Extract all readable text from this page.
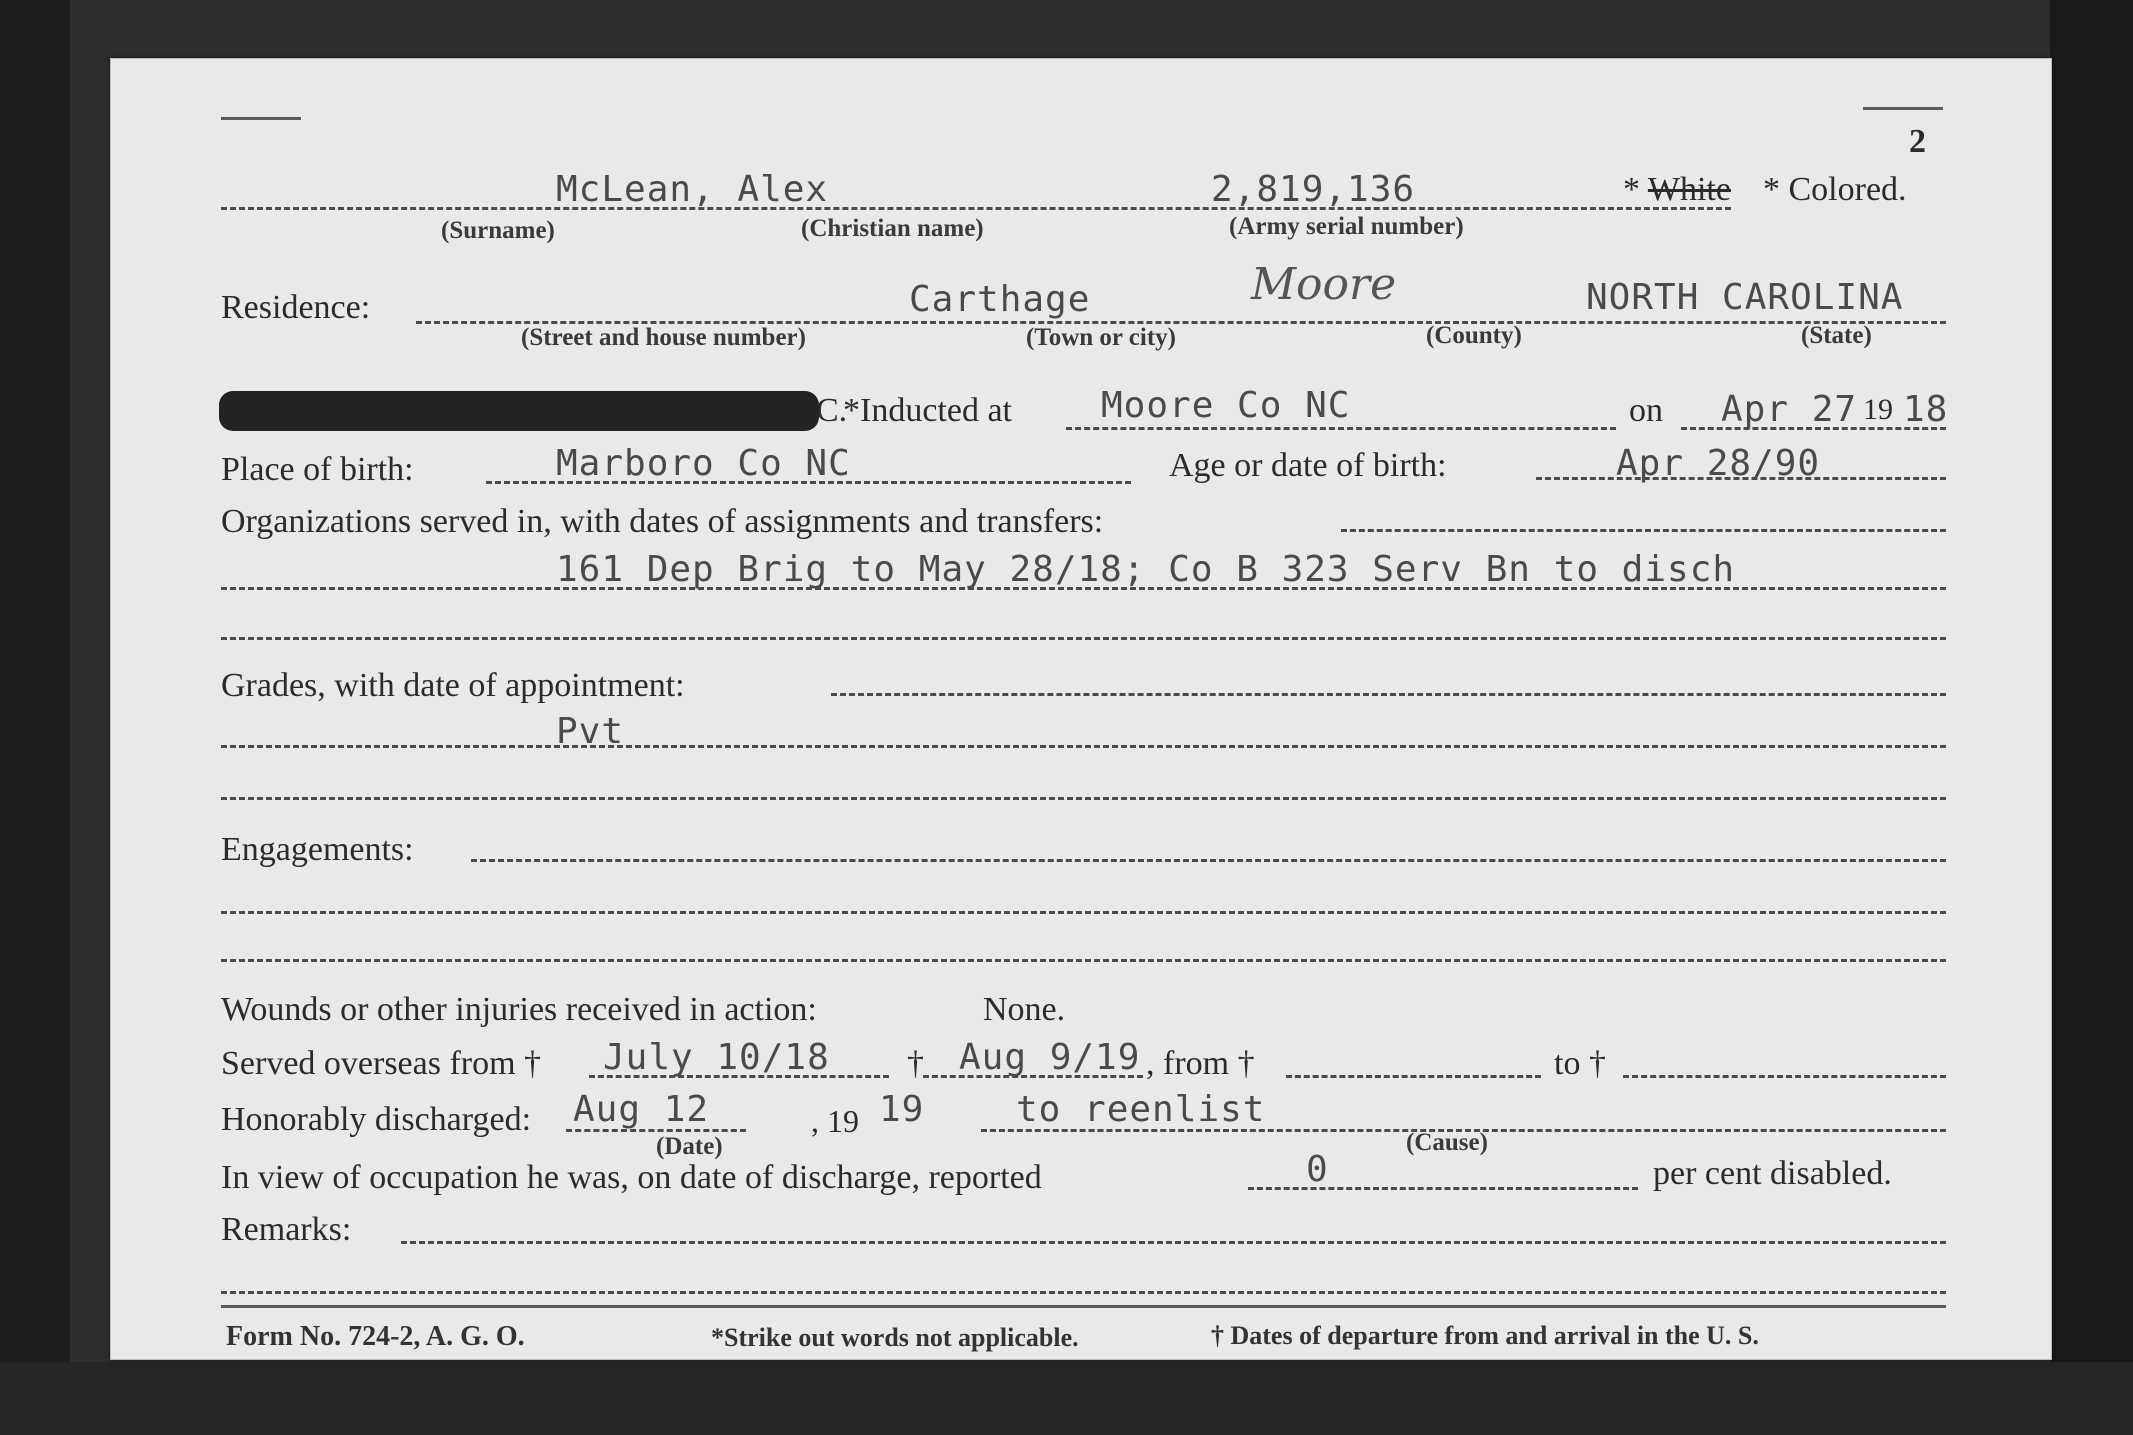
2
McLean, Alex	2,819,136	* White * Colored.
(Surname)	(Christian name)	(Army serial number)
Residence:	Carthage	Moore	NORTH CAROLINA
(Street and house number)	(Town or city)	(County)	(State)
C.
*Inducted at Moore Co NC	on Apr 27 19 18
Place of birth:	Marboro Co NC	Age or date of birth:	Apr 28/90
Organizations served in, with dates of assignments and transfers:
161 Dep Brig to May 28/18; Co B 323 Serv Bn to disch
Grades, with date of appointment:
Pvt
Engagements:
Wounds or other injuries received in action:	None.
Served overseas from † July 10/18 † Aug 9/19 , from †	to †
Honorably discharged: Aug 12	, 19 19	to reenlist
(Date)	(Cause)
In view of occupation he was, on date of discharge, reported	0	per cent disabled.
Remarks:
Form No. 724-2, A. G. O.	*Strike out words not applicable.	† Dates of departure from and arrival in the U. S.
